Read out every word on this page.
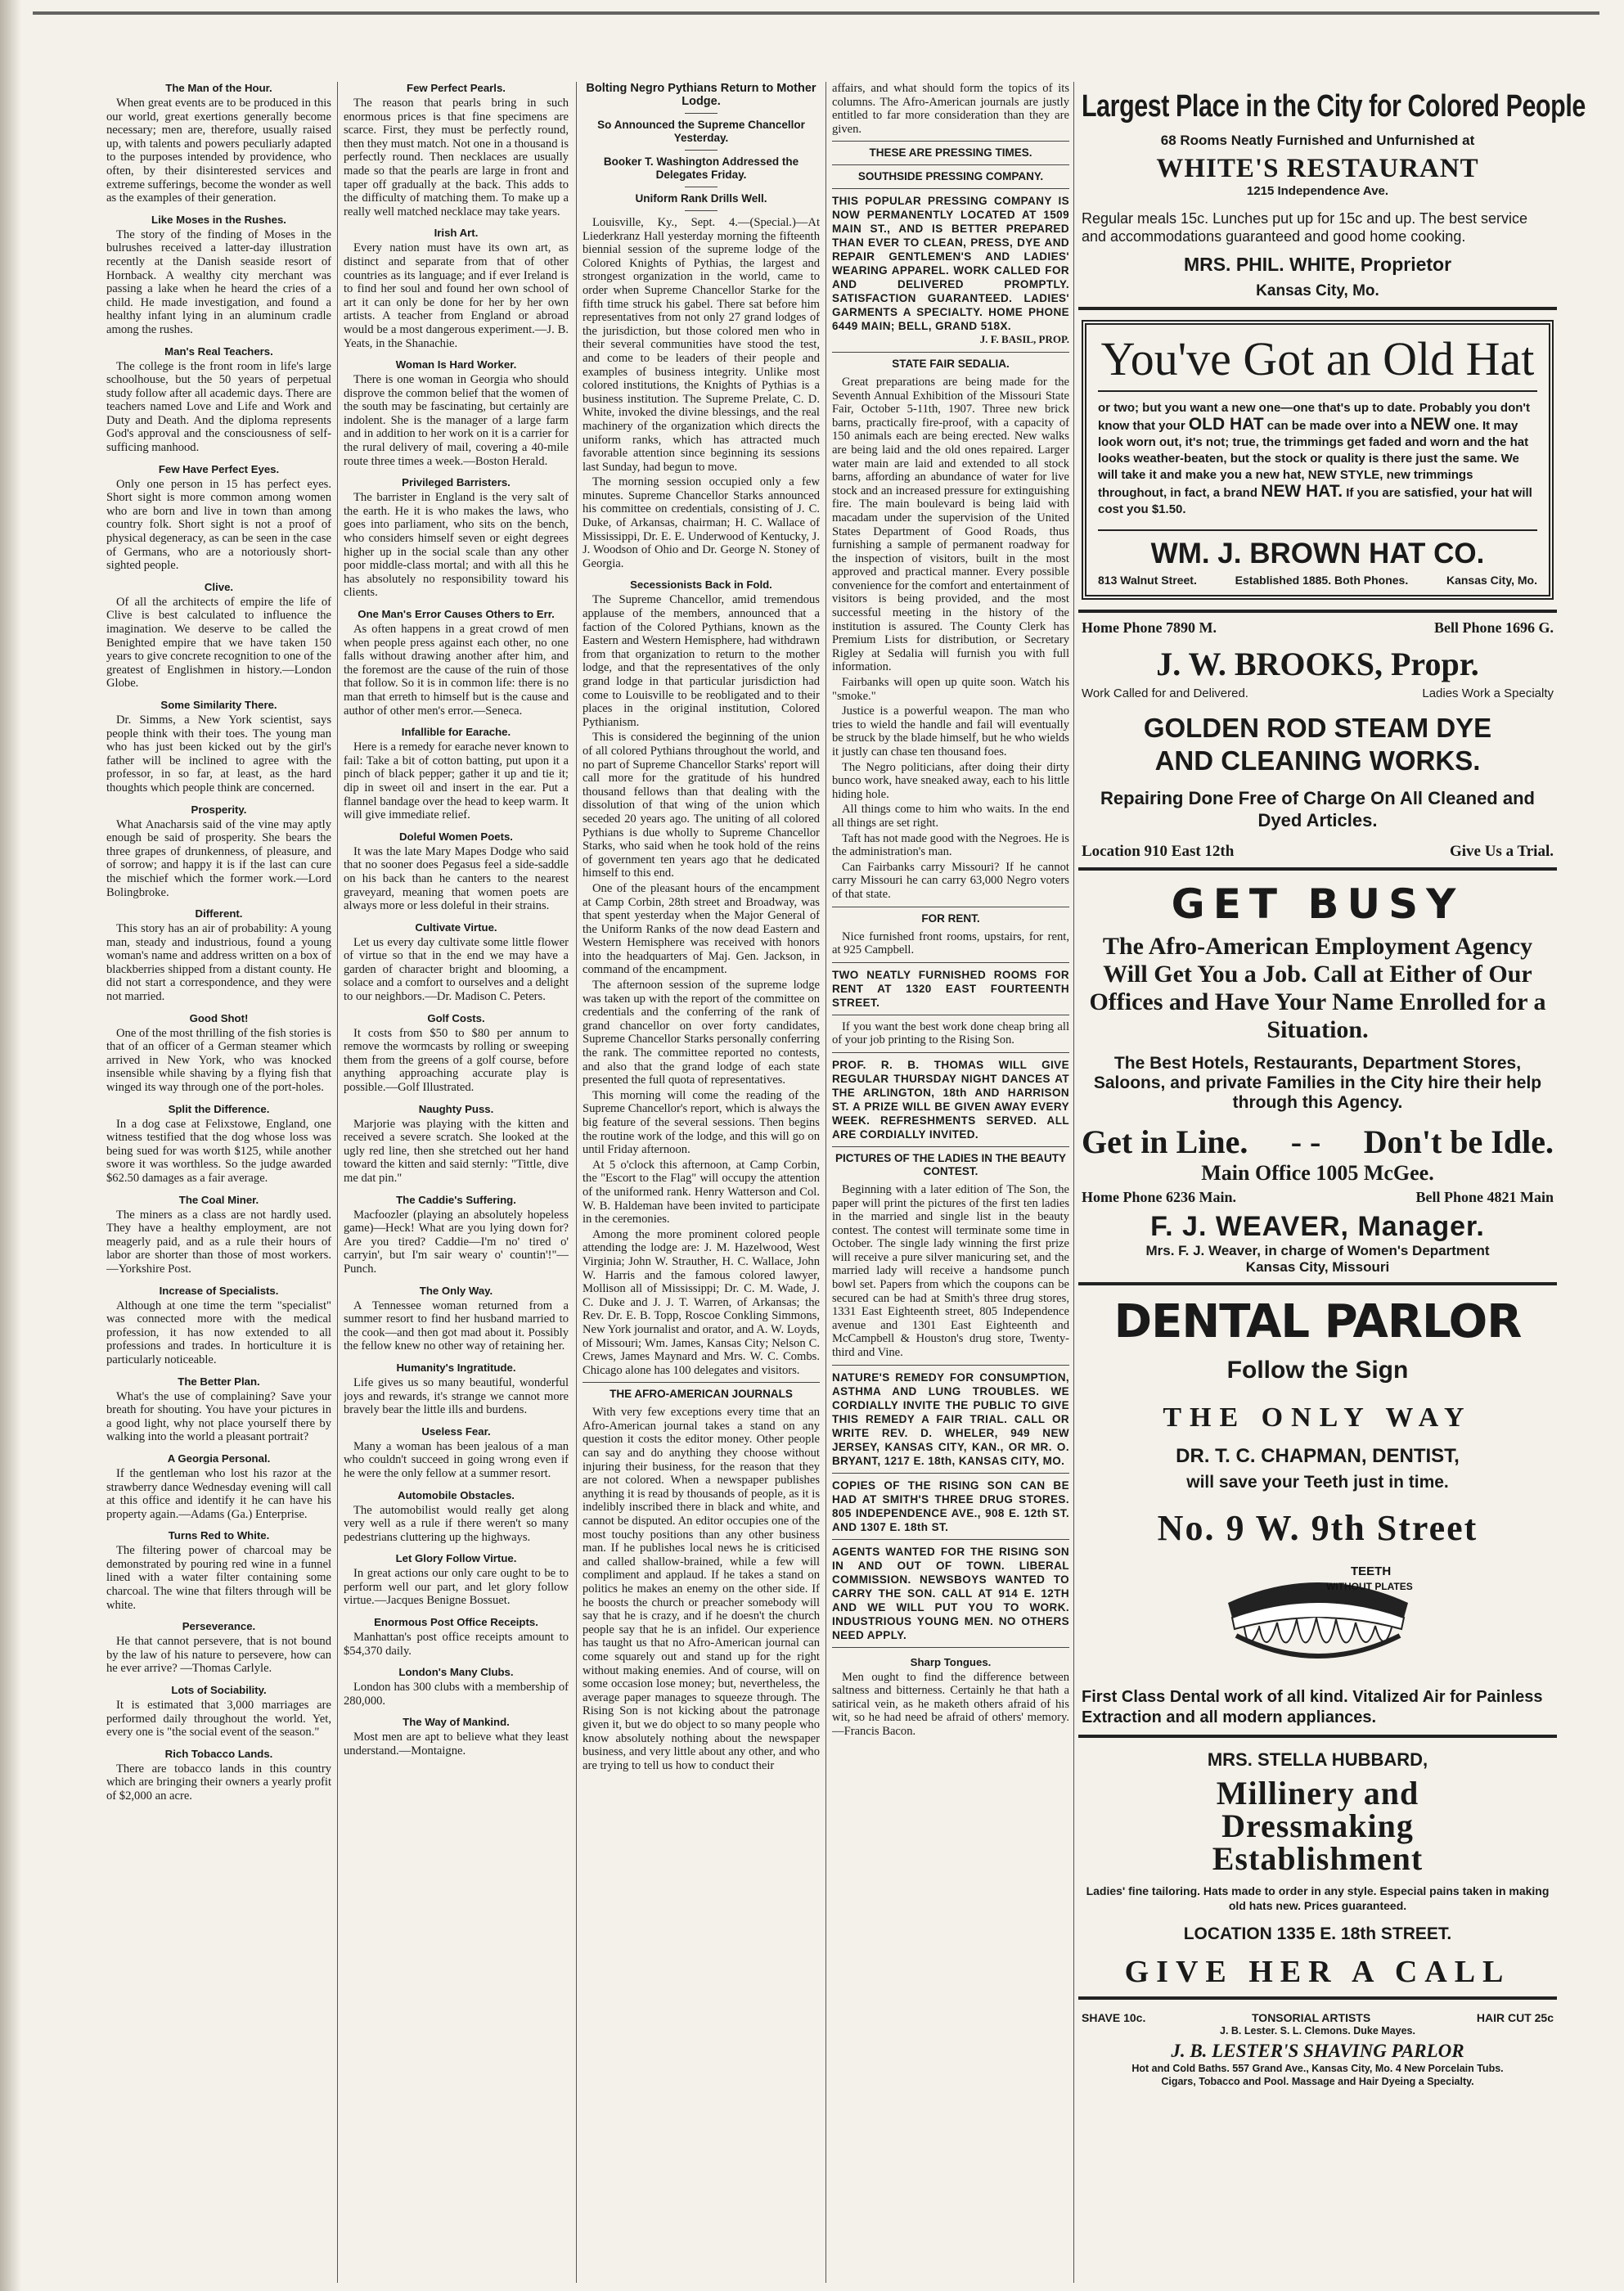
The Man of the Hour.

When great events are to be produced in this our world, great exertions generally become necessary; men are, therefore, usually raised up, with talents and powers peculiarly adapted to the purposes intended by providence, who often, by their disinterested services and extreme sufferings, become the wonder as well as the examples of their generation.

Like Moses in the Rushes.

The story of the finding of Moses in the bulrushes received a latter-day illustration recently at the Danish seaside resort of Hornback. A wealthy city merchant was passing a lake when he heard the cries of a child. He made investigation, and found a healthy infant lying in an aluminum cradle among the rushes.

Man's Real Teachers.

The college is the front room in life's large schoolhouse, but the 50 years of perpetual study follow after all academic days. There are teachers named Love and Life and Work and Duty and Death. And the diploma represents God's approval and the consciousness of self-sufficing manhood.

Few Have Perfect Eyes.

Only one person in 15 has perfect eyes. Short sight is more common among women who are born and live in town than among country folk. Short sight is not a proof of physical degeneracy, as can be seen in the case of Germans, who are a notoriously short-sighted people.

Clive.

Of all the architects of empire the life of Clive is best calculated to influence the imagination. We deserve to be called the Benighted empire that we have taken 150 years to give concrete recognition to one of the greatest of Englishmen in history.—London Globe.

Some Similarity There.

Dr. Simms, a New York scientist, says people think with their toes. The young man who has just been kicked out by the girl's father will be inclined to agree with the professor, in so far, at least, as the hard thoughts which people think are concerned.

Prosperity.

What Anacharsis said of the vine may aptly enough be said of prosperity. She bears the three grapes of drunkenness, of pleasure, and of sorrow; and happy it is if the last can cure the mischief which the former work.—Lord Bolingbroke.

Different.

This story has an air of probability: A young man, steady and industrious, found a young woman's name and address written on a box of blackberries shipped from a distant county. He did not start a correspondence, and they were not married.

Good Shot!

One of the most thrilling of the fish stories is that of an officer of a German steamer which arrived in New York, who was knocked insensible while shaving by a flying fish that winged its way through one of the port-holes.

Split the Difference.

In a dog case at Felixstowe, England, one witness testified that the dog whose loss was being sued for was worth $125, while another swore it was worthless. So the judge awarded $62.50 damages as a fair average.

The Coal Miner.

The miners as a class are not hardly used. They have a healthy employment, are not meagerly paid, and as a rule their hours of labor are shorter than those of most workers.—Yorkshire Post.

Increase of Specialists.

Although at one time the term "specialist" was connected more with the medical profession, it has now extended to all professions and trades. In horticulture it is particularly noticeable.

The Better Plan.

What's the use of complaining? Save your breath for shouting. You have your pictures in a good light, why not place yourself there by walking into the world a pleasant portrait?

A Georgia Personal.

If the gentleman who lost his razor at the strawberry dance Wednesday evening will call at this office and identify it he can have his property again.—Adams (Ga.) Enterprise.

Turns Red to White.

The filtering power of charcoal may be demonstrated by pouring red wine in a funnel lined with a water filter containing some charcoal. The wine that filters through will be white.

Perseverance.

He that cannot persevere, that is not bound by the law of his nature to persevere, how can he ever arrive? —Thomas Carlyle.

Lots of Sociability.

It is estimated that 3,000 marriages are performed daily throughout the world. Yet, every one is "the social event of the season."

Rich Tobacco Lands.

There are tobacco lands in this country which are bringing their owners a yearly profit of $2,000 an acre.

Few Perfect Pearls.

The reason that pearls bring in such enormous prices is that fine specimens are scarce. First, they must be perfectly round, then they must match. Not one in a thousand is perfectly round. Then necklaces are usually made so that the pearls are large in front and taper off gradually at the back. This adds to the difficulty of matching them. To make up a really well matched necklace may take years.

Irish Art.

Every nation must have its own art, as distinct and separate from that of other countries as its language; and if ever Ireland is to find her soul and found her own school of art it can only be done for her by her own artists. A teacher from England or abroad would be a most dangerous experiment.—J. B. Yeats, in the Shanachie.

Woman Is Hard Worker.

There is one woman in Georgia who should disprove the common belief that the women of the south may be fascinating, but certainly are indolent. She is the manager of a large farm and in addition to her work on it is a carrier for the rural delivery of mail, covering a 40-mile route three times a week.—Boston Herald.

Privileged Barristers.

The barrister in England is the very salt of the earth. He it is who makes the laws, who goes into parliament, who sits on the bench, who considers himself seven or eight degrees higher up in the social scale than any other poor middle-class mortal; and with all this he has absolutely no responsibility toward his clients.

One Man's Error Causes Others to Err.

As often happens in a great crowd of men when people press against each other, no one falls without drawing another after him, and the foremost are the cause of the ruin of those that follow. So it is in common life: there is no man that erreth to himself but is the cause and author of other men's error.—Seneca.

Infallible for Earache.

Here is a remedy for earache never known to fail: Take a bit of cotton batting, put upon it a pinch of black pepper; gather it up and tie it; dip in sweet oil and insert in the ear. Put a flannel bandage over the head to keep warm. It will give immediate relief.

Doleful Women Poets.

It was the late Mary Mapes Dodge who said that no sooner does Pegasus feel a side-saddle on his back than he canters to the nearest graveyard, meaning that women poets are always more or less doleful in their strains.

Cultivate Virtue.

Let us every day cultivate some little flower of virtue so that in the end we may have a garden of character bright and blooming, a solace and a comfort to ourselves and a delight to our neighbors.—Dr. Madison C. Peters.

Golf Costs.

It costs from $50 to $80 per annum to remove the wormcasts by rolling or sweeping them from the greens of a golf course, before anything approaching accurate play is possible.—Golf Illustrated.

Naughty Puss.

Marjorie was playing with the kitten and received a severe scratch. She looked at the ugly red line, then she stretched out her hand toward the kitten and said sternly: "Tittle, dive me dat pin."

The Caddie's Suffering.

Macfoozler (playing an absolutely hopeless game)—Heck! What are you lying down for? Are you tired? Caddie—I'm no' tired o' carryin', but I'm sair weary o' countin'!"—Punch.

The Only Way.

A Tennessee woman returned from a summer resort to find her husband married to the cook—and then got mad about it. Possibly the fellow knew no other way of retaining her.

Humanity's Ingratitude.

Life gives us so many beautiful, wonderful joys and rewards, it's strange we cannot more bravely bear the little ills and burdens.

Useless Fear.

Many a woman has been jealous of a man who couldn't succeed in going wrong even if he were the only fellow at a summer resort.

Automobile Obstacles.

The automobilist would really get along very well as a rule if there weren't so many pedestrians cluttering up the highways.

Let Glory Follow Virtue.

In great actions our only care ought to be to perform well our part, and let glory follow virtue.—Jacques Benigne Bossuet.

Enormous Post Office Receipts.

Manhattan's post office receipts amount to $54,370 daily.

London's Many Clubs.

London has 300 clubs with a membership of 280,000.

The Way of Mankind.

Most men are apt to believe what they least understand.—Montaigne.

Bolting Negro Pythians Return to Mother Lodge.
So Announced the Supreme Chancellor Yesterday.
Booker T. Washington Addressed the Delegates Friday.
Uniform Rank Drills Well.

Louisville, Ky., Sept. 4.—(Special.)—At Liederkranz Hall yesterday morning the fifteenth biennial session of the supreme lodge of the Colored Knights of Pythias, the largest and strongest organization in the world, came to order when Supreme Chancellor Starke for the fifth time struck his gabel. There sat before him representatives from not only 27 grand lodges of the jurisdiction, but those colored men who in their several communities have stood the test, and come to be leaders of their people and examples of business integrity. Unlike most colored institutions, the Knights of Pythias is a business institution. The Supreme Prelate, C. D. White, invoked the divine blessings, and the real machinery of the organization which directs the uniform ranks, which has attracted much favorable attention since beginning its sessions last Sunday, had begun to move.

The morning session occupied only a few minutes. Supreme Chancellor Starks announced his committee on credentials, consisting of J. C. Duke, of Arkansas, chairman; H. C. Wallace of Mississippi, Dr. E. E. Underwood of Kentucky, J. J. Woodson of Ohio and Dr. George N. Stoney of Georgia.

Secessionists Back in Fold.

The Supreme Chancellor, amid tremendous applause of the members, announced that a faction of the Colored Pythians, known as the Eastern and Western Hemisphere, had withdrawn from that organization to return to the mother lodge, and that the representatives of the only grand lodge in that particular jurisdiction had come to Louisville to be reobligated and to their places in the original institution, Colored Pythianism.

This is considered the beginning of the union of all colored Pythians throughout the world, and no part of Supreme Chancellor Starks' report will call more for the gratitude of his hundred thousand fellows than that dealing with the dissolution of that wing of the union which seceded 20 years ago. The uniting of all colored Pythians is due wholly to Supreme Chancellor Starks, who said when he took hold of the reins of government ten years ago that he dedicated himself to this end.

One of the pleasant hours of the encampment at Camp Corbin, 28th street and Broadway, was that spent yesterday when the Major General of the Uniform Ranks of the now dead Eastern and Western Hemisphere was received with honors into the headquarters of Maj. Gen. Jackson, in command of the encampment.

The afternoon session of the supreme lodge was taken up with the report of the committee on credentials and the conferring of the rank of grand chancellor on over forty candidates, Supreme Chancellor Starks personally conferring the rank. The committee reported no contests, and also that the grand lodge of each state presented the full quota of representatives.

This morning will come the reading of the Supreme Chancellor's report, which is always the big feature of the several sessions. Then begins the routine work of the lodge, and this will go on until Friday afternoon.

At 5 o'clock this afternoon, at Camp Corbin, the "Escort to the Flag" will occupy the attention of the uniformed rank. Henry Watterson and Col. W. B. Haldeman have been invited to participate in the ceremonies.

Among the more prominent colored people attending the lodge are: J. M. Hazelwood, West Virginia; John W. Strauther, H. C. Wallace, John W. Harris and the famous colored lawyer, Mollison all of Mississippi; Dr. C. M. Wade, J. C. Duke and J. J. T. Warren, of Arkansas; the Rev. Dr. E. B. Topp, Roscoe Conkling Simmons, New York journalist and orator, and A. W. Loyds, of Missouri; Wm. James, Kansas City; Nelson C. Crews, James Maynard and Mrs. W. C. Combs. Chicago alone has 100 delegates and visitors.

THE AFRO-AMERICAN JOURNALS

With very few exceptions every time that an Afro-American journal takes a stand on any question it costs the editor money. Other people can say and do anything they choose without injuring their business, for the reason that they are not colored. When a newspaper publishes anything it is read by thousands of people, as it is indelibly inscribed there in black and white, and cannot be disputed. An editor occupies one of the most touchy positions than any other business man. If he publishes local news he is criticised and called shallow-brained, while a few will compliment and applaud. If he takes a stand on politics he makes an enemy on the other side. If he boosts the church or preacher somebody will say that he is crazy, and if he doesn't the church people say that he is an infidel. Our experience has taught us that no Afro-American journal can come squarely out and stand up for the right without making enemies. And of course, will on some occasion lose money; but, nevertheless, the average paper manages to squeeze through. The Rising Son is not kicking about the patronage given it, but we do object to so many people who know absolutely nothing about the newspaper business, and very little about any other, and who are trying to tell us how to conduct their

affairs, and what should form the topics of its columns. The Afro-American journals are justly entitled to far more consideration than they are given.

THESE ARE PRESSING TIMES.
SOUTHSIDE PRESSING COMPANY.
THIS POPULAR PRESSING COMPANY IS NOW PERMANENTLY LOCATED AT 1509 MAIN ST., AND IS BETTER PREPARED THAN EVER TO CLEAN, PRESS, DYE AND REPAIR GENTLEMEN'S AND LADIES' WEARING APPAREL. WORK CALLED FOR AND DELIVERED PROMPTLY. SATISFACTION GUARANTEED. LADIES' GARMENTS A SPECIALTY. HOME PHONE 6449 MAIN; BELL, GRAND 518X.
J. F. BASIL, PROP.
STATE FAIR SEDALIA.

Great preparations are being made for the Seventh Annual Exhibition of the Missouri State Fair, October 5-11th, 1907. Three new brick barns, practically fire-proof, with a capacity of 150 animals each are being erected. New walks are being laid and the old ones repaired. Larger water main are laid and extended to all stock barns, affording an abundance of water for live stock and an increased pressure for extinguishing fire. The main boulevard is being laid with macadam under the supervision of the United States Department of Good Roads, thus furnishing a sample of permanent roadway for the inspection of visitors, built in the most approved and practical manner. Every possible convenience for the comfort and entertainment of visitors is being provided, and the most successful meeting in the history of the institution is assured. The County Clerk has Premium Lists for distribution, or Secretary Rigley at Sedalia will furnish you with full information.

Fairbanks will open up quite soon. Watch his "smoke."

Justice is a powerful weapon. The man who tries to wield the handle and fail will eventually be struck by the blade himself, but he who wields it justly can chase ten thousand foes.

The Negro politicians, after doing their dirty bunco work, have sneaked away, each to his little hiding hole.

All things come to him who waits. In the end all things are set right.

Taft has not made good with the Negroes. He is the administration's man.

Can Fairbanks carry Missouri? If he cannot carry Missouri he can carry 63,000 Negro voters of that state.

FOR RENT.

Nice furnished front rooms, upstairs, for rent, at 925 Campbell.

TWO NEATLY FURNISHED ROOMS FOR RENT AT 1320 EAST FOURTEENTH STREET.

If you want the best work done cheap bring all of your job printing to the Rising Son.

PROF. R. B. THOMAS WILL GIVE REGULAR THURSDAY NIGHT DANCES AT THE ARLINGTON, 18th AND HARRISON ST. A PRIZE WILL BE GIVEN AWAY EVERY WEEK. REFRESHMENTS SERVED. ALL ARE CORDIALLY INVITED.
PICTURES OF THE LADIES IN THE BEAUTY CONTEST.

Beginning with a later edition of The Son, the paper will print the pictures of the first ten ladies in the married and single list in the beauty contest. The contest will terminate some time in October. The single lady winning the first prize will receive a pure silver manicuring set, and the married lady will receive a handsome punch bowl set. Papers from which the coupons can be secured can be had at Smith's three drug stores, 1331 East Eighteenth street, 805 Independence avenue and 1301 East Eighteenth and McCampbell & Houston's drug store, Twenty-third and Vine.

NATURE'S REMEDY FOR CONSUMPTION, ASTHMA AND LUNG TROUBLES. WE CORDIALLY INVITE THE PUBLIC TO GIVE THIS REMEDY A FAIR TRIAL. CALL OR WRITE REV. D. WHELER, 949 NEW JERSEY, KANSAS CITY, KAN., OR MR. O. BRYANT, 1217 E. 18th, KANSAS CITY, MO.
COPIES OF THE RISING SON CAN BE HAD AT SMITH'S THREE DRUG STORES. 805 INDEPENDENCE AVE., 908 E. 12th ST. AND 1307 E. 18th ST.
AGENTS WANTED FOR THE RISING SON IN AND OUT OF TOWN. LIBERAL COMMISSION. NEWSBOYS WANTED TO CARRY THE SON. CALL AT 914 E. 12TH AND WE WILL PUT YOU TO WORK. INDUSTRIOUS YOUNG MEN. NO OTHERS NEED APPLY.
Sharp Tongues.

Men ought to find the difference between saltness and bitterness. Certainly he that hath a satirical vein, as he maketh others afraid of his wit, so he had need be afraid of others' memory.—Francis Bacon.

Largest Place in the City for Colored People
68 Rooms Neatly Furnished and Unfurnished at
WHITE'S RESTAURANT
1215 Independence Ave.
Regular meals 15c. Lunches put up for 15c and up. The best service and accommodations guaranteed and good home cooking.
MRS. PHIL. WHITE, Proprietor
Kansas City, Mo.
You've Got an Old Hat
or two; but you want a new one—one that's up to date. Probably you don't know that your OLD HAT can be made over into a NEW one. It may look worn out, it's not; true, the trimmings get faded and worn and the hat looks weather-beaten, but the stock or quality is there just the same. We will take it and make you a new hat, NEW STYLE, new trimmings throughout, in fact, a brand NEW HAT. If you are satisfied, your hat will cost you $1.50.
WM. J. BROWN HAT CO.
813 Walnut Street.	Established 1885. Both Phones.	Kansas City, Mo.
Home Phone 7890 M.	Bell Phone 1696 G.
J. W. BROOKS, Propr.
Work Called for and Delivered.	Ladies Work a Specialty
GOLDEN ROD STEAM DYE
AND CLEANING WORKS.
Repairing Done Free of Charge On All Cleaned and Dyed Articles.
Location 910 East 12th	Give Us a Trial.
GET BUSY
The Afro-American Employment Agency Will Get You a Job. Call at Either of Our Offices and Have Your Name Enrolled for a Situation.
The Best Hotels, Restaurants, Department Stores, Saloons, and private Families in the City hire their help through this Agency.
Get in Line. - - Don't be Idle.
Main Office 1005 McGee.
Home Phone 6236 Main.	Bell Phone 4821 Main
F. J. WEAVER, Manager.
Mrs. F. J. Weaver, in charge of Women's Department
Kansas City, Missouri
DENTAL PARLOR
Follow the Sign
THE ONLY WAY
DR. T. C. CHAPMAN, DENTIST,
will save your Teeth just in time.
No. 9 W. 9th Street
TEETH
WITHOUT PLATES
First Class Dental work of all kind. Vitalized Air for Painless Extraction and all modern appliances.
MRS. STELLA HUBBARD,
Millinery and
Dressmaking
Establishment
Ladies' fine tailoring. Hats made to order in any style. Especial pains taken in making old hats new. Prices guaranteed.
LOCATION 1335 E. 18th STREET.
GIVE HER A CALL
SHAVE 10c.	TONSORIAL ARTISTS	HAIR CUT 25c
J. B. Lester. S. L. Clemons. Duke Mayes.
J. B. LESTER'S SHAVING PARLOR
Hot and Cold Baths. 557 Grand Ave., Kansas City, Mo. 4 New Porcelain Tubs.
Cigars, Tobacco and Pool. Massage and Hair Dyeing a Specialty.
